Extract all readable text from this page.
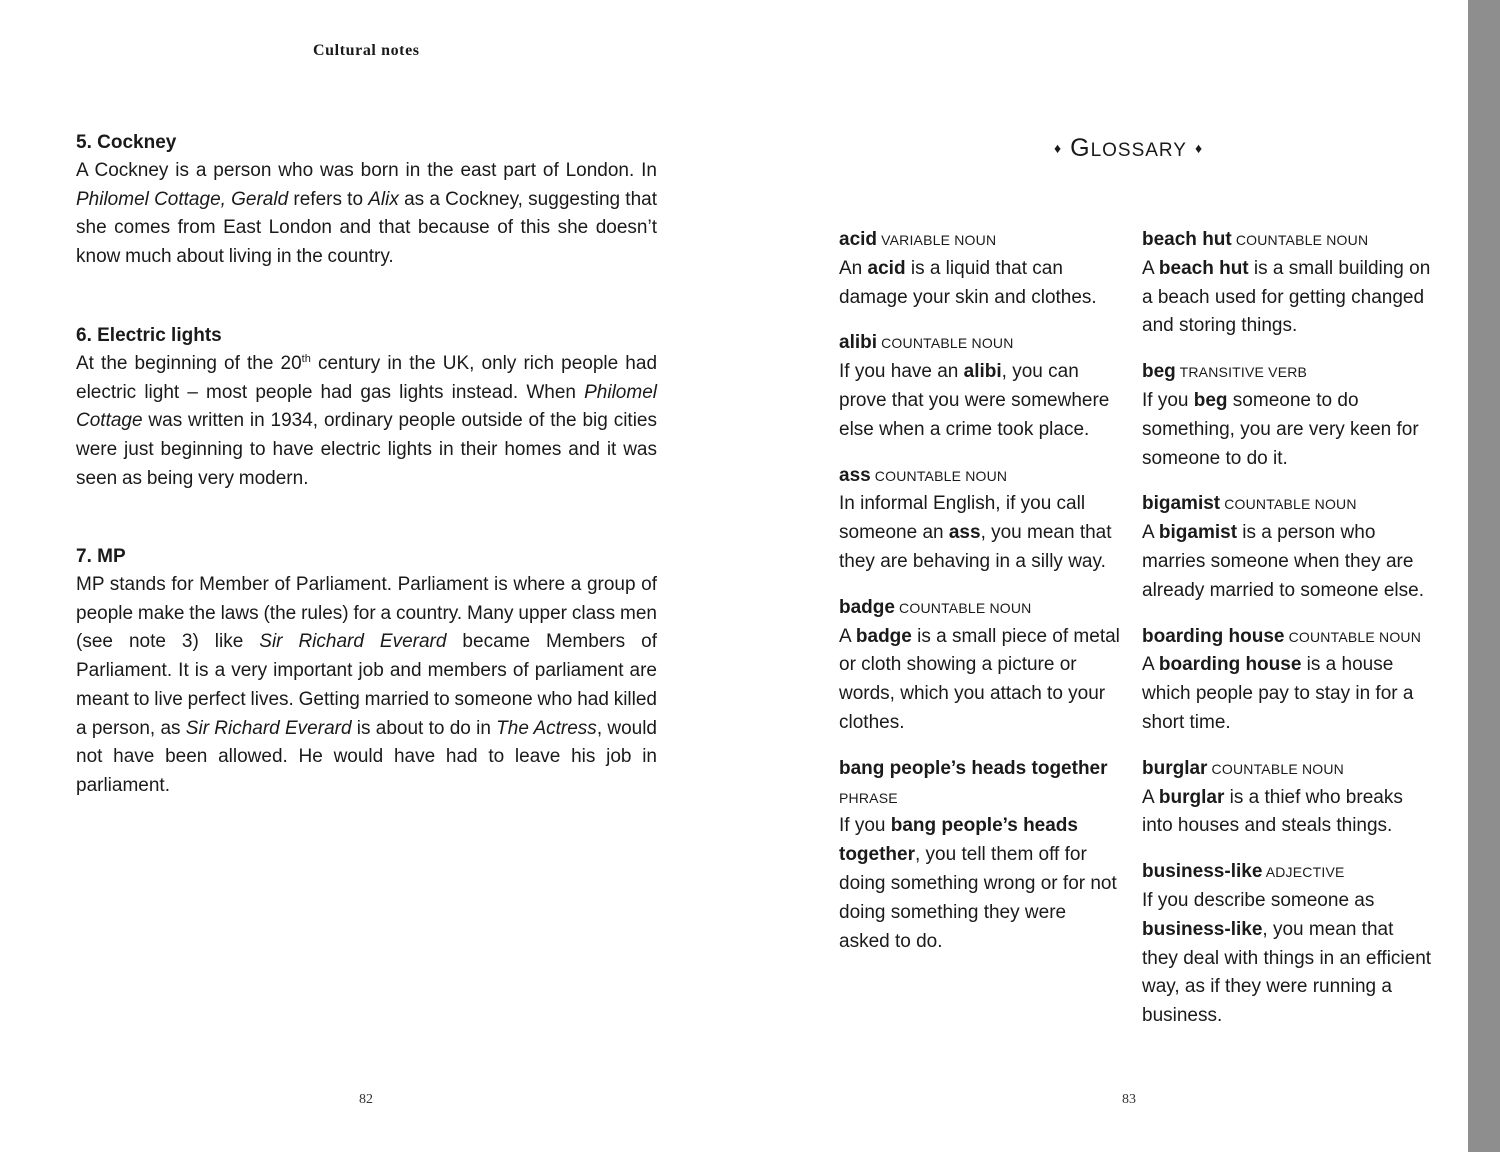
Cultural notes
5. Cockney

A Cockney is a person who was born in the east part of London. In Philomel Cottage, Gerald refers to Alix as a Cockney, suggesting that she comes from East London and that because of this she doesn’t know much about living in the country.

6. Electric lights

At the beginning of the 20th century in the UK, only rich people had electric light – most people had gas lights instead. When Philomel Cottage was written in 1934, ordinary people outside of the big cities were just beginning to have electric lights in their homes and it was seen as being very modern.

7. MP

MP stands for Member of Parliament. Parliament is where a group of people make the laws (the rules) for a country. Many upper class men (see note 3) like Sir Richard Everard became Members of Parliament. It is a very important job and members of parliament are meant to live perfect lives. Getting married to someone who had killed a person, as Sir Richard Everard is about to do in The Actress, would not have been allowed. He would have had to leave his job in parliament.

82
♦ GLOSSARY ♦
acid VARIABLE NOUN
An acid is a liquid that can damage your skin and clothes.
alibi COUNTABLE NOUN
If you have an alibi, you can prove that you were somewhere else when a crime took place.
ass COUNTABLE NOUN
In informal English, if you call someone an ass, you mean that they are behaving in a silly way.
badge COUNTABLE NOUN
A badge is a small piece of metal or cloth showing a picture or words, which you attach to your clothes.
bang people’s heads together PHRASE
If you bang people’s heads together, you tell them off for doing something wrong or for not doing something they were asked to do.
beach hut COUNTABLE NOUN
A beach hut is a small building on a beach used for getting changed and storing things.
beg TRANSITIVE VERB
If you beg someone to do something, you are very keen for someone to do it.
bigamist COUNTABLE NOUN
A bigamist is a person who marries someone when they are already married to someone else.
boarding house COUNTABLE NOUN
A boarding house is a house which people pay to stay in for a short time.
burglar COUNTABLE NOUN
A burglar is a thief who breaks into houses and steals things.
business-like ADJECTIVE
If you describe someone as business-like, you mean that they deal with things in an efficient way, as if they were running a business.
83
